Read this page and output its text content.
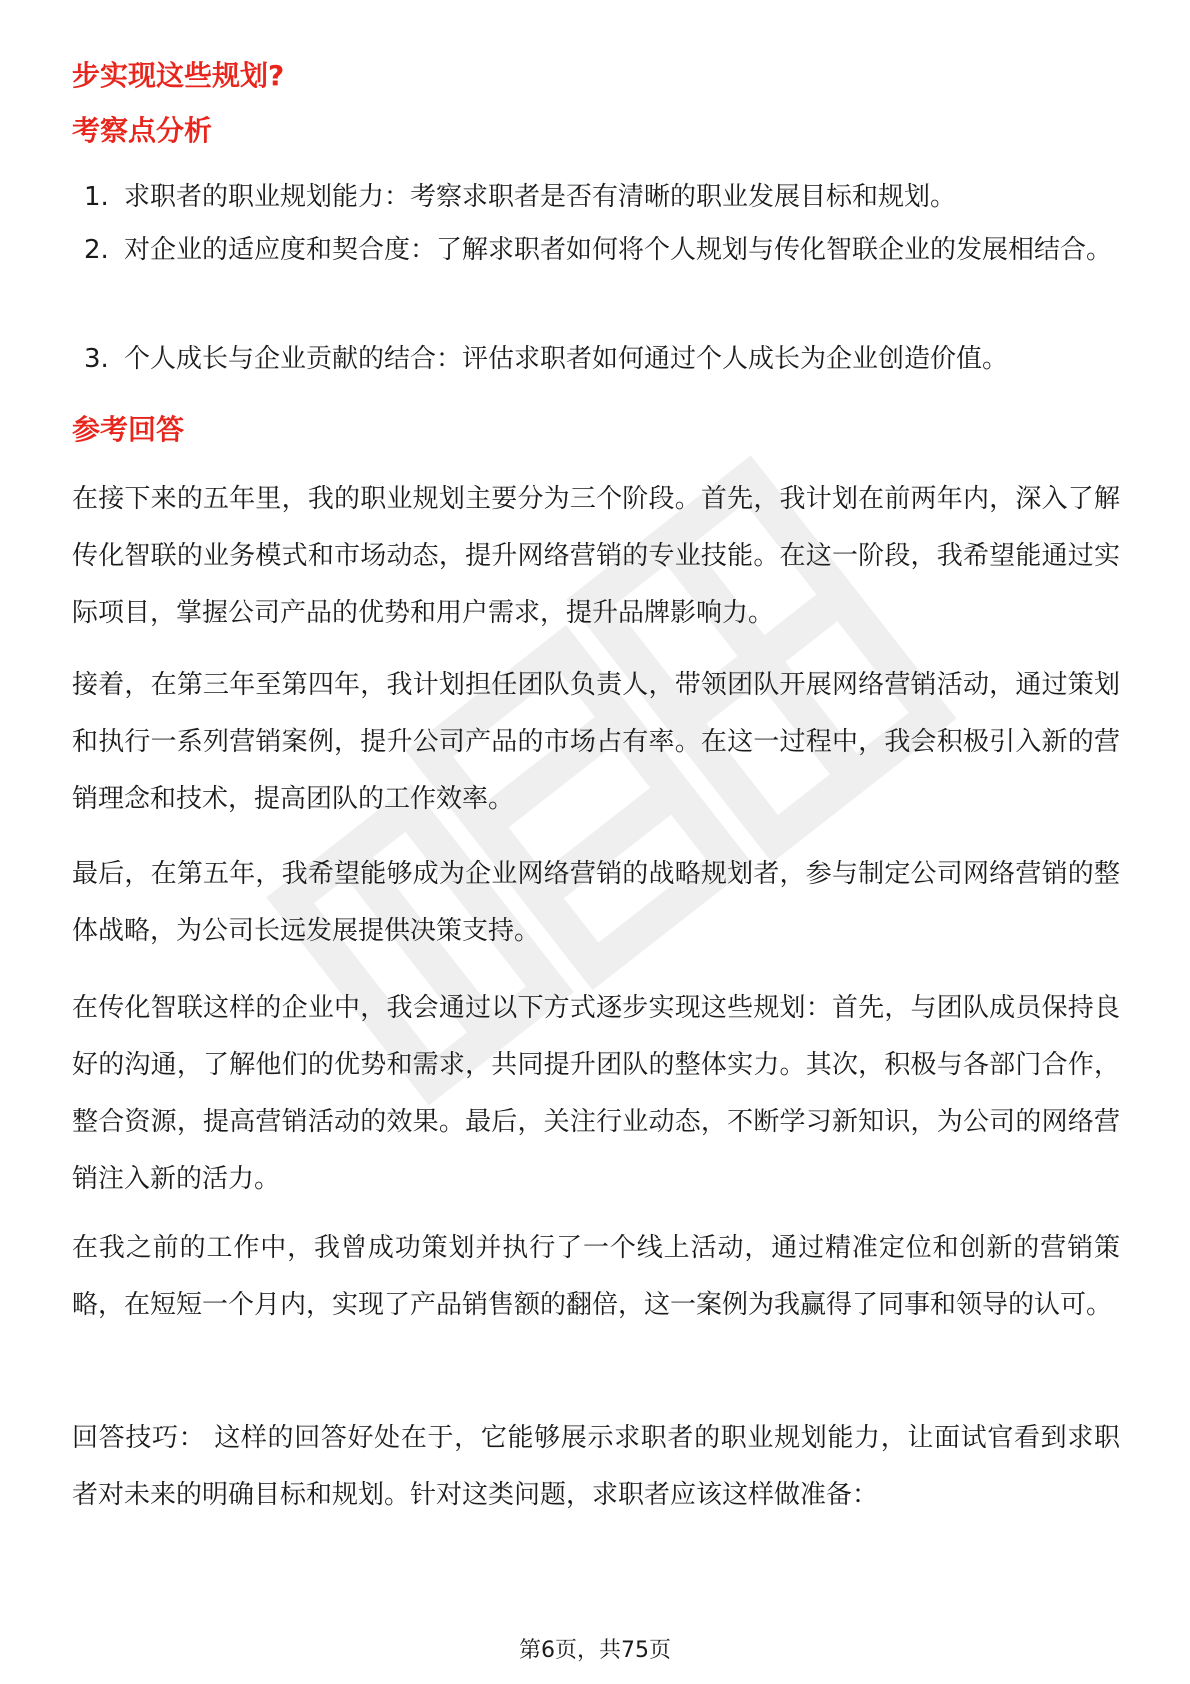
步实现这些规划?
考察点分析
1. 求职者的职业规划能力：考察求职者是否有清晰的职业发展目标和规划。
2. 对企业的适应度和契合度：了解求职者如何将个人规划与传化智联企业的发展相结合。
3. 个人成长与企业贡献的结合：评估求职者如何通过个人成长为企业创造价值。
参考回答

在接下来的五年里，我的职业规划主要分为三个阶段。首先，我计划在前两年内，深入了解传化智联的业务模式和市场动态，提升网络营销的专业技能。在这一阶段，我希望能通过实际项目，掌握公司产品的优势和用户需求，提升品牌影响力。

接着，在第三年至第四年，我计划担任团队负责人，带领团队开展网络营销活动，通过策划和执行一系列营销案例，提升公司产品的市场占有率。在这一过程中，我会积极引入新的营销理念和技术，提高团队的工作效率。

最后，在第五年，我希望能够成为企业网络营销的战略规划者，参与制定公司网络营销的整体战略，为公司长远发展提供决策支持。

在传化智联这样的企业中，我会通过以下方式逐步实现这些规划：首先，与团队成员保持良好的沟通，了解他们的优势和需求，共同提升团队的整体实力。其次，积极与各部门合作，整合资源，提高营销活动的效果。最后，关注行业动态，不断学习新知识，为公司的网络营销注入新的活力。

在我之前的工作中，我曾成功策划并执行了一个线上活动，通过精准定位和创新的营销策略，在短短一个月内，实现了产品销售额的翻倍，这一案例为我赢得了同事和领导的认可。

回答技巧： 这样的回答好处在于，它能够展示求职者的职业规划能力，让面试官看到求职者对未来的明确目标和规划。针对这类问题，求职者应该这样做准备：

第6页，共75页
